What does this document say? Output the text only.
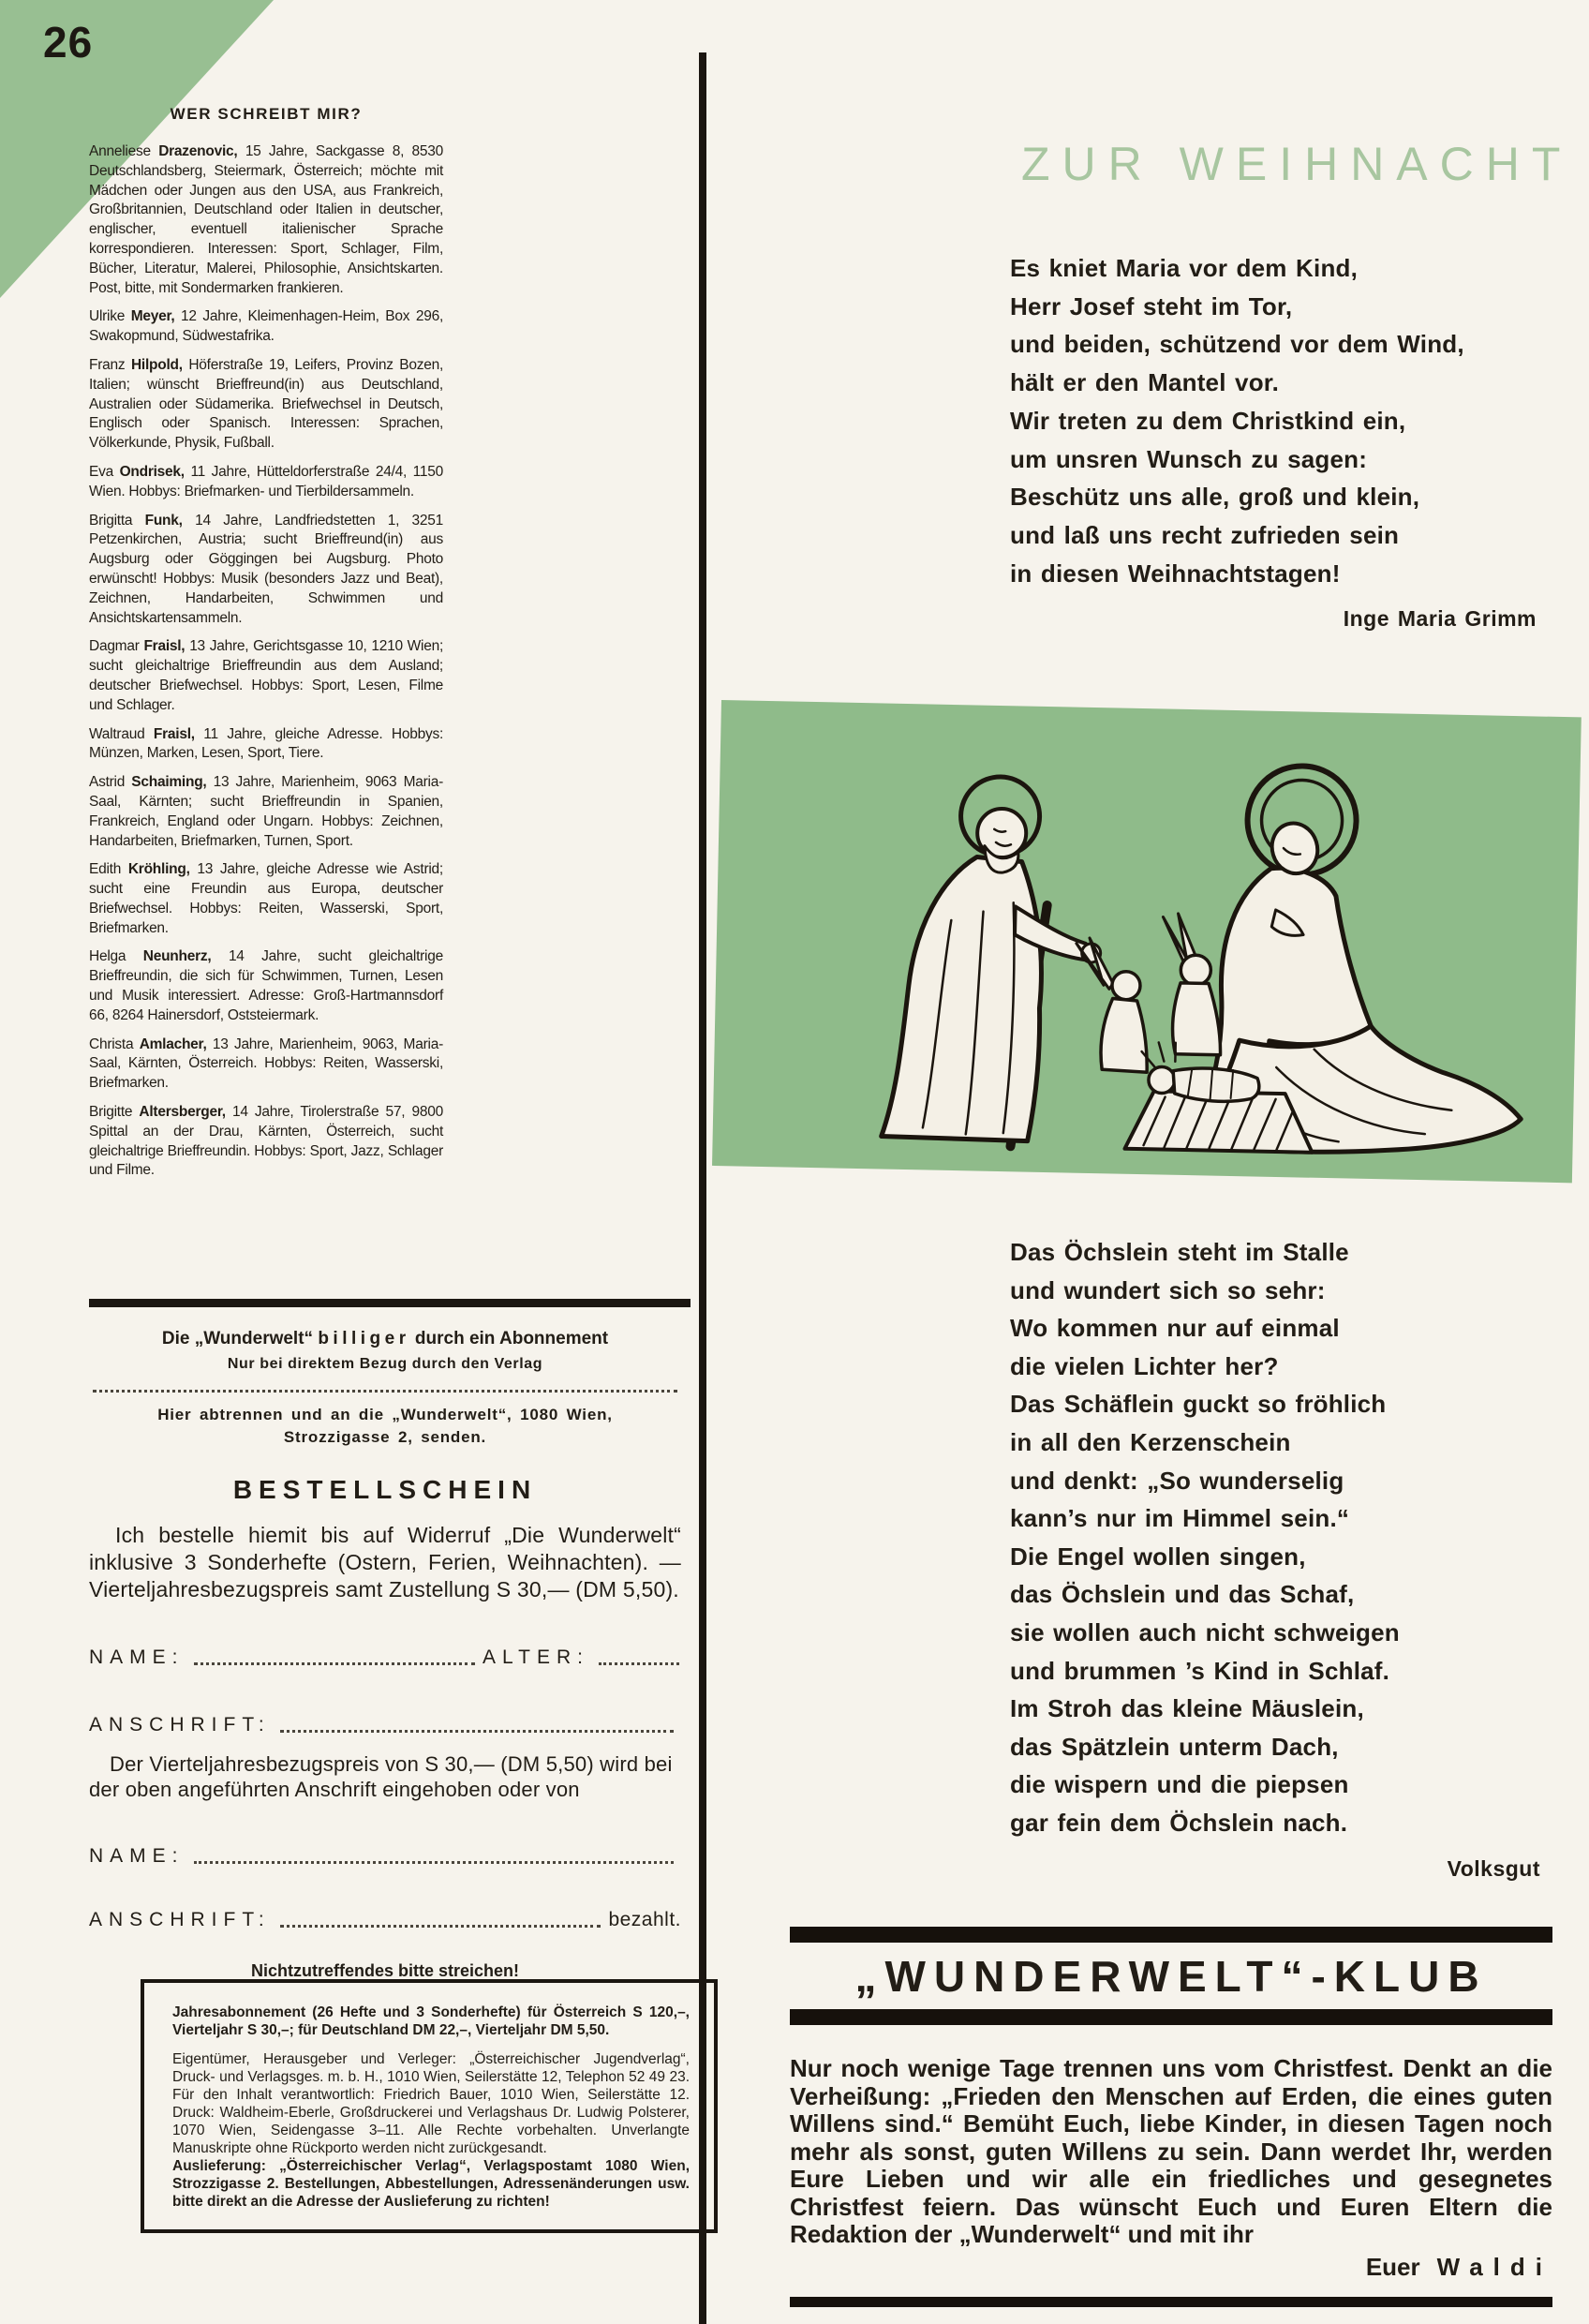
26
WER SCHREIBT MIR?

Anneliese Drazenovic, 15 Jahre, Sackgasse 8, 8530 Deutschlandsberg, Steiermark, Österreich; möchte mit Mädchen oder Jungen aus den USA, aus Frankreich, Großbritannien, Deutschland oder Italien in deutscher, englischer, eventuell italienischer Sprache korrespondieren. Interessen: Sport, Schlager, Film, Bücher, Literatur, Malerei, Philosophie, Ansichtskarten. Post, bitte, mit Sondermarken frankieren.

Ulrike Meyer, 12 Jahre, Kleimenhagen-Heim, Box 296, Swakopmund, Südwestafrika.

Franz Hilpold, Höferstraße 19, Leifers, Provinz Bozen, Italien; wünscht Brieffreund(in) aus Deutschland, Australien oder Südamerika. Briefwechsel in Deutsch, Englisch oder Spanisch. Interessen: Sprachen, Völkerkunde, Physik, Fußball.

Eva Ondrisek, 11 Jahre, Hütteldorferstraße 24/4, 1150 Wien. Hobbys: Briefmarken- und Tierbildersammeln.

Brigitta Funk, 14 Jahre, Landfriedstetten 1, 3251 Petzenkirchen, Austria; sucht Brieffreund(in) aus Augsburg oder Göggingen bei Augsburg. Photo erwünscht! Hobbys: Musik (besonders Jazz und Beat), Zeichnen, Handarbeiten, Schwimmen und Ansichtskartensammeln.

Dagmar Fraisl, 13 Jahre, Gerichtsgasse 10, 1210 Wien; sucht gleichaltrige Brieffreundin aus dem Ausland; deutscher Briefwechsel. Hobbys: Sport, Lesen, Filme und Schlager.

Waltraud Fraisl, 11 Jahre, gleiche Adresse. Hobbys: Münzen, Marken, Lesen, Sport, Tiere.

Astrid Schaiming, 13 Jahre, Marienheim, 9063 Maria-Saal, Kärnten; sucht Brieffreundin in Spanien, Frankreich, England oder Ungarn. Hobbys: Zeichnen, Handarbeiten, Briefmarken, Turnen, Sport.

Edith Kröhling, 13 Jahre, gleiche Adresse wie Astrid; sucht eine Freundin aus Europa, deutscher Briefwechsel. Hobbys: Reiten, Wasserski, Sport, Briefmarken.

Helga Neunherz, 14 Jahre, sucht gleichaltrige Brieffreundin, die sich für Schwimmen, Turnen, Lesen und Musik interessiert. Adresse: Groß-Hartmannsdorf 66, 8264 Hainersdorf, Oststeiermark.

Christa Amlacher, 13 Jahre, Marienheim, 9063, Maria-Saal, Kärnten, Österreich. Hobbys: Reiten, Wasserski, Briefmarken.

Brigitte Altersberger, 14 Jahre, Tirolerstraße 57, 9800 Spittal an der Drau, Kärnten, Österreich, sucht gleichaltrige Brieffreundin. Hobbys: Sport, Jazz, Schlager und Filme.

Die „Wunderwelt“ billiger durch ein Abonnement
Nur bei direktem Bezug durch den Verlag
Hier abtrennen und an die „Wunderwelt“, 1080 Wien, Strozzigasse 2, senden.
BESTELLSCHEIN
Ich bestelle hiemit bis auf Widerruf „Die Wunderwelt“ inklusive 3 Sonderhefte (Ostern, Ferien, Weihnachten). — Vierteljahresbezugspreis samt Zustellung S 30,— (DM 5,50).
NAME:	ALTER:
ANSCHRIFT:
Der Vierteljahresbezugspreis von S 30,— (DM 5,50) wird bei der oben angeführten Anschrift eingehoben oder von
NAME:
ANSCHRIFT:	bezahlt.
Nichtzutreffendes bitte streichen!

Jahresabonnement (26 Hefte und 3 Sonderhefte) für Österreich S 120,–, Vierteljahr S 30,–; für Deutschland DM 22,–, Vierteljahr DM 5,50.

Eigentümer, Herausgeber und Verleger: „Österreichischer Jugendverlag“, Druck- und Verlagsges. m. b. H., 1010 Wien, Seilerstätte 12, Telephon 52 49 23. Für den Inhalt verantwortlich: Friedrich Bauer, 1010 Wien, Seilerstätte 12. Druck: Waldheim-Eberle, Großdruckerei und Verlagshaus Dr. Ludwig Polsterer, 1070 Wien, Seidengasse 3–11. Alle Rechte vorbehalten. Unverlangte Manuskripte ohne Rückporto werden nicht zurückgesandt.

Auslieferung: „Österreichischer Verlag“, Verlagspostamt 1080 Wien, Strozzigasse 2. Bestellungen, Abbestellungen, Adressenänderungen usw. bitte direkt an die Adresse der Auslieferung zu richten!

ZUR WEIHNACHT
Es kniet Maria vor dem Kind,
Herr Josef steht im Tor,
und beiden, schützend vor dem Wind,
hält er den Mantel vor.
Wir treten zu dem Christkind ein,
um unsren Wunsch zu sagen:
Beschütz uns alle, groß und klein,
und laß uns recht zufrieden sein
in diesen Weihnachtstagen!
Inge Maria Grimm
Das Öchslein steht im Stalle
und wundert sich so sehr:
Wo kommen nur auf einmal
die vielen Lichter her?
Das Schäflein guckt so fröhlich
in all den Kerzenschein
und denkt: „So wunderselig
kann’s nur im Himmel sein.“
Die Engel wollen singen,
das Öchslein und das Schaf,
sie wollen auch nicht schweigen
und brummen ’s Kind in Schlaf.
Im Stroh das kleine Mäuslein,
das Spätzlein unterm Dach,
die wispern und die piepsen
gar fein dem Öchslein nach.
Volksgut
„WUNDERWELT“-KLUB
Nur noch wenige Tage trennen uns vom Christfest. Denkt an die Verheißung: „Frieden den Menschen auf Erden, die eines guten Willens sind.“ Bemüht Euch, liebe Kinder, in diesen Tagen noch mehr als sonst, guten Willens zu sein. Dann werdet Ihr, werden Eure Lieben und wir alle ein friedliches und gesegnetes Christfest feiern. Das wünscht Euch und Euren Eltern die Redaktion der „Wunderwelt“ und mit ihr
Euer Waldi
